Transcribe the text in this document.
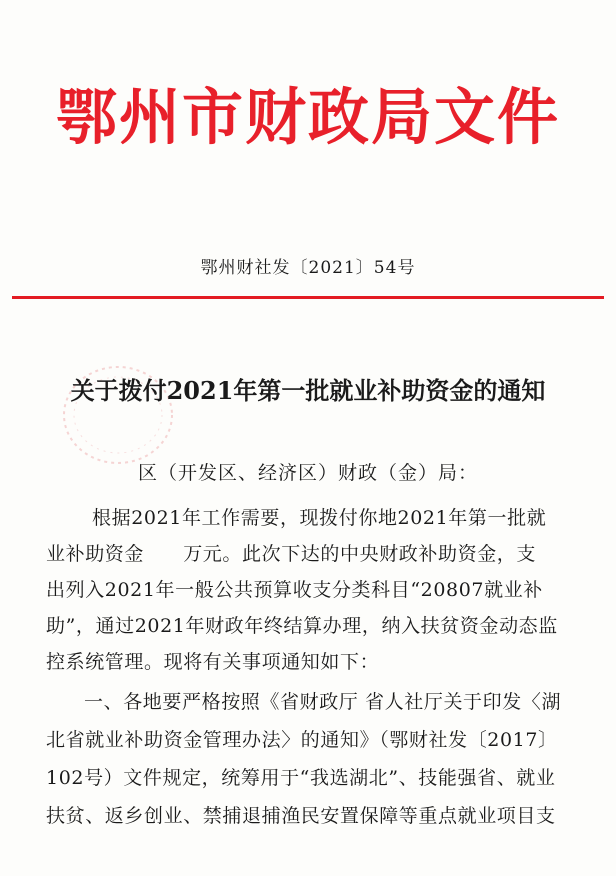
鄂州市财政局文件
鄂州财社发〔2021〕54号
关于拨付2021年第一批就业补助资金的通知
区（开发区、经济区）财政（金）局：
根据2021年工作需要，现拨付你地2021年第一批就
业补助资金　　万元。此次下达的中央财政补助资金，支
出列入2021年一般公共预算收支分类科目“20807就业补
助”，通过2021年财政年终结算办理，纳入扶贫资金动态监
控系统管理。现将有关事项通知如下：
一、各地要严格按照《省财政厅 省人社厅关于印发〈湖
北省就业补助资金管理办法〉的通知》（鄂财社发〔2017〕
102号）文件规定，统筹用于“我选湖北”、技能强省、就业
扶贫、返乡创业、禁捕退捕渔民安置保障等重点就业项目支
